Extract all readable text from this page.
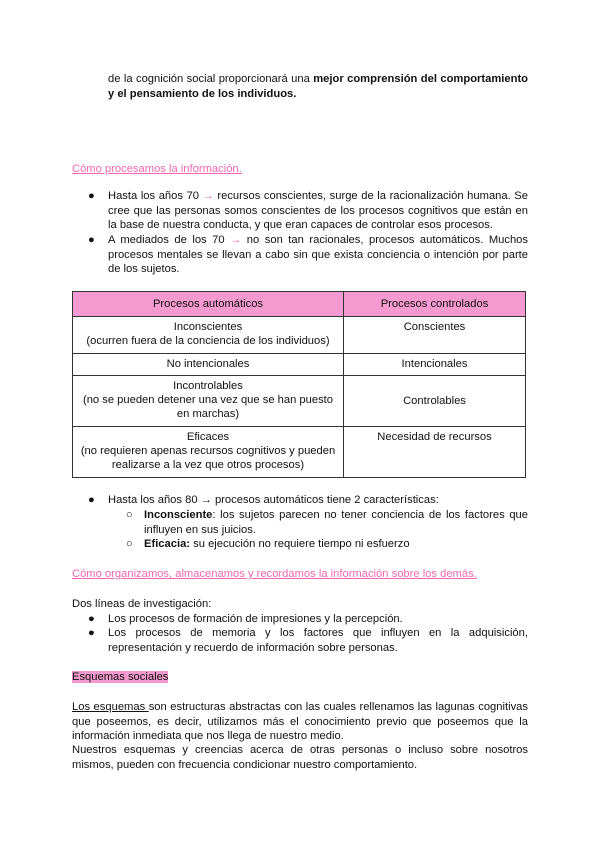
de la cognición social proporcionará una mejor comprensión del comportamiento y el pensamiento de los individuos.
Cómo procesamos la información.
● Hasta los años 70 → recursos conscientes, surge de la racionalización humana. Se cree que las personas somos conscientes de los procesos cognitivos que están en la base de nuestra conducta, y que eran capaces de controlar esos procesos.
● A mediados de los 70 → no son tan racionales, procesos automáticos. Muchos procesos mentales se llevan a cabo sin que exista conciencia o intención por parte de los sujetos.
Procesos automáticos	Procesos controlados

Inconscientes
(ocurren fuera de la conciencia de los individuos)	Conscientes

No intencionales	Intencionales

Incontrolables
(no se pueden detener una vez que se han puesto en marchas)	Controlables

Eficaces
(no requieren apenas recursos cognitivos y pueden realizarse a la vez que otros procesos)	Necesidad de recursos
● Hasta los años 80 → procesos automáticos tiene 2 características:
○ Inconsciente: los sujetos parecen no tener conciencia de los factores que influyen en sus juicios.
○ Eficacia: su ejecución no requiere tiempo ni esfuerzo
Cómo organizamos, almacenamos y recordamos la información sobre los demás.
Dos líneas de investigación:
● Los procesos de formación de impresiones y la percepción.
● Los procesos de memoria y los factores que influyen en la adquisición, representación y recuerdo de información sobre personas.
Esquemas sociales
Los esquemas son estructuras abstractas con las cuales rellenamos las lagunas cognitivas que poseemos, es decir, utilizamos más el conocimiento previo que poseemos que la información inmediata que nos llega de nuestro medio.
Nuestros esquemas y creencias acerca de otras personas o incluso sobre nosotros mismos, pueden con frecuencia condicionar nuestro comportamiento.
